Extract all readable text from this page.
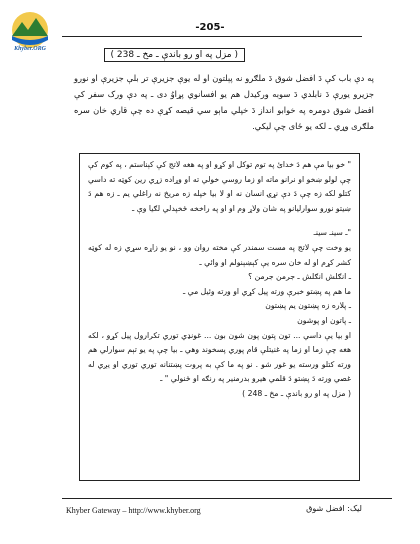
Khyber.ORG
-205-
( مزل په او رو باندې ـ مخ ـ 238 )
په دې باب کې دَ افضل شوق دَ ملګرو نه پېلتون او له يوې جزيرې تر بلې جزيرې او نورو جزيرو يورې دَ نابلدي دَ سوبه ورکيدل هم يو افسانوي پړاوُ دی ـ په دې ورک سفر کې افضل شوق دومره په خوابو انداز دَ خپلي ماېو سي قيصه کړې ده چې قاري خان سره ملګری وړي ـ لکه يو ځای چې ليکي.

" خو بيا مې هم دَ خدائ په توم توکل او کړو او په هغه لاتج کې کېناستم ، په کوم کې چې لولو ښخو او نرانو ماته او زما روسي خولي ته او وړاده زړي رين کوټه ته داسي کتلو لکه زه چې دَ دې نړۍ انسان نه او لا بيا خپله زه مريخ نه راغلي يم ـ زه هم دَ ښيتو نورو سوارليانو په شان ولاړ وم او او په راخخه ځخپدلي لګيا وې ـ

"ـ سينـ سينـ

يو وخت چې لاتج په مست سمندر کې مخته روان وو ، نو يو زاړه سړي زه له کوټه کشر کړم او له خان سره يې کېښېنولم او وائي ـ

ـ انګلش انګلش ـ جرمن جرمن ؟

ما هم په پښتو خبرې ورته پيل کړي او ورته وئيل مي ـ

ـ پلاره زه پښتون يم پښتون

ـ پاتون او پوشون

او بيا يې داسي ... تون پتون پون شون بون ... غونډي توري تکرارول پيل کړو ، لکه هغه چې زما او زما په غنيتلې قام پوري پسخوند وهي ـ بيا چې په يو تېم سوارلي هم ورته کتلو ورسته يو غور شو . نو په ما کې به پروت پښتنانه توري توري او يږي له غصي ورته دَ پښتو دَ قلمي هيرو بدرمنير په رنګه او ځنولي " ـ

( مزل په او رو باندې ـ مخ ـ 248 )

Khyber Gateway – http://www.khyber.org	ليک: افضل شوق
